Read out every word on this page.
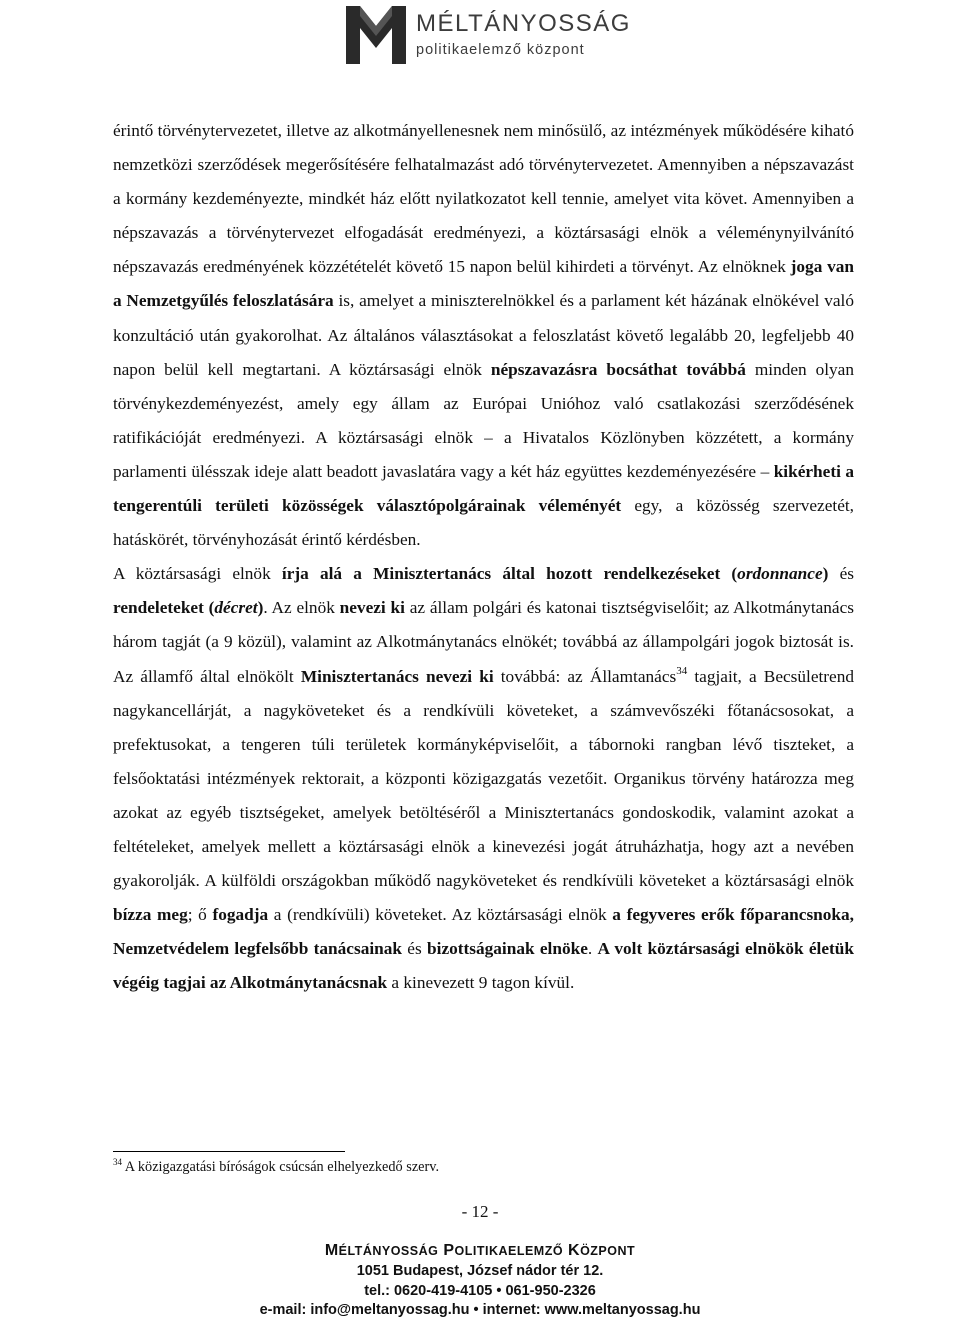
MÉLTÁNYOSSÁG
politikaelemző központ

érintő törvénytervezetet, illetve az alkotmányellenesnek nem minősülő, az intézmények működésére kiható nemzetközi szerződések megerősítésére felhatalmazást adó törvénytervezetet. Amennyiben a népszavazást a kormány kezdeményezte, mindkét ház előtt nyilatkozatot kell tennie, amelyet vita követ. Amennyiben a népszavazás a törvénytervezet elfogadását eredményezi, a köztársasági elnök a véleménynyilvánító népszavazás eredményének közzétételét követő 15 napon belül kihirdeti a törvényt. Az elnöknek joga van a Nemzetgyűlés feloszlatására is, amelyet a miniszterelnökkel és a parlament két házának elnökével való konzultáció után gyakorolhat. Az általános választásokat a feloszlatást követő legalább 20, legfeljebb 40 napon belül kell megtartani. A köztársasági elnök népszavazásra bocsáthat továbbá minden olyan törvénykezdeményezést, amely egy állam az Európai Unióhoz való csatlakozási szerződésének ratifikációját eredményezi. A köztársasági elnök – a Hivatalos Közlönyben közzétett, a kormány parlamenti ülésszak ideje alatt beadott javaslatára vagy a két ház együttes kezdeményezésére – kikérheti a tengerentúli területi közösségek választópolgárainak véleményét egy, a közösség szervezetét, hatáskörét, törvényhozását érintő kérdésben.

A köztársasági elnök írja alá a Minisztertanács által hozott rendelkezéseket (ordonnance) és rendeleteket (décret). Az elnök nevezi ki az állam polgári és katonai tisztségviselőit; az Alkotmánytanács három tagját (a 9 közül), valamint az Alkotmánytanács elnökét; továbbá az állampolgári jogok biztosát is. Az államfő által elnökölt Minisztertanács nevezi ki továbbá: az Államtanács$^{34}$ tagjait, a Becsületrend nagykancellárját, a nagyköveteket és a rendkívüli követeket, a számvevőszéki főtanácsosokat, a prefektusokat, a tengeren túli területek kormányképviselőit, a tábornoki rangban lévő tiszteket, a felsőoktatási intézmények rektorait, a központi közigazgatás vezetőit. Organikus törvény határozza meg azokat az egyéb tisztségeket, amelyek betöltéséről a Minisztertanács gondoskodik, valamint azokat a feltételeket, amelyek mellett a köztársasági elnök a kinevezési jogát átruházhatja, hogy azt a nevében gyakorolják. A külföldi országokban működő nagyköveteket és rendkívüli követeket a köztársasági elnök bízza meg; ő fogadja a (rendkívüli) követeket. Az köztársasági elnök a fegyveres erők főparancsnoka, Nemzetvédelem legfelsőbb tanácsainak és bizottságainak elnöke. A volt köztársasági elnökök életük végéig tagjai az Alkotmánytanácsnak a kinevezett 9 tagon kívül.

$^{34}$ A közigazgatási bíróságok csúcsán elhelyezkedő szerv.
- 12 -
MÉLTÁNYOSSÁG POLITIKAELEMZŐ KÖZPONT
1051 Budapest, József nádor tér 12.
tel.: 0620-419-4105 • 061-950-2326
e-mail: info@meltanyossag.hu • internet: www.meltanyossag.hu
